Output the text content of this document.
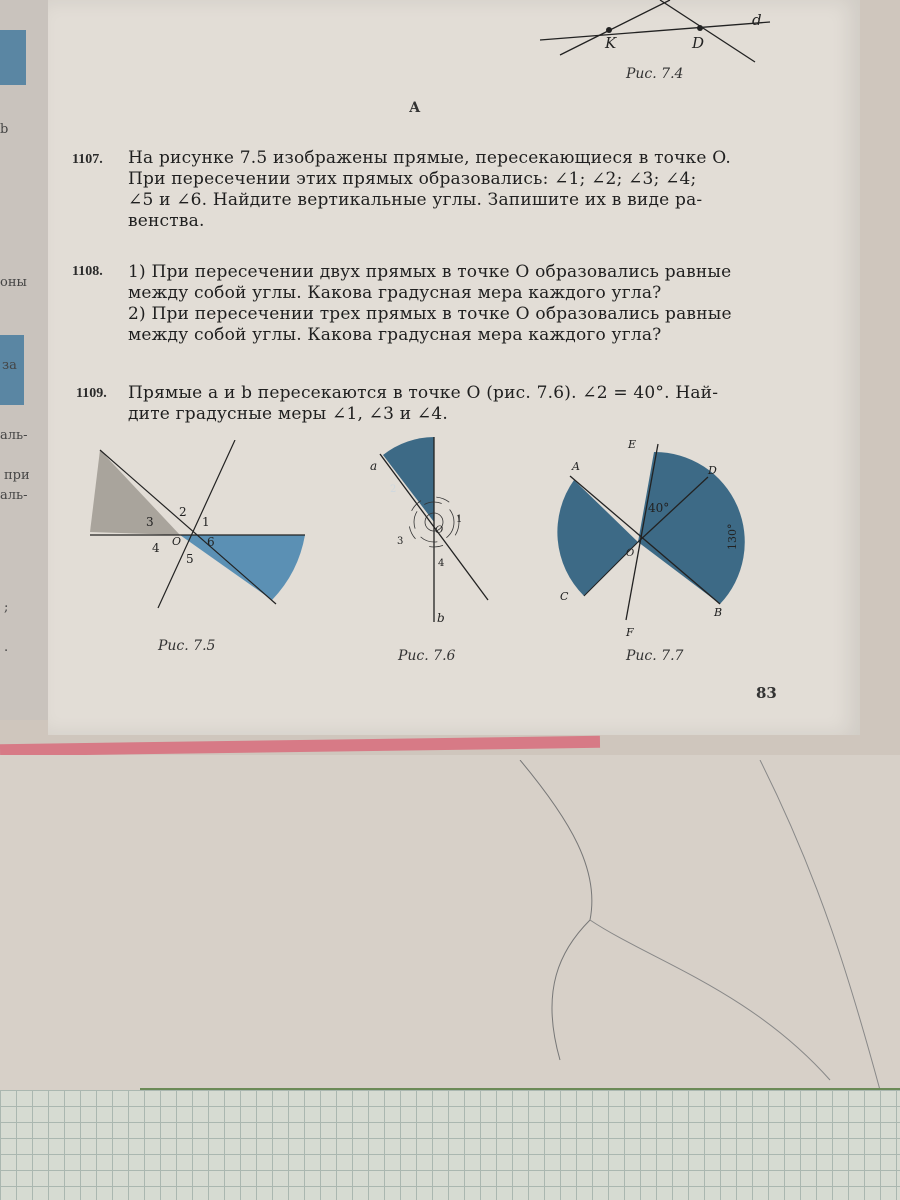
b
оны
за
аль-
при
аль-
;
.
K	D
d
Рис. 7.4
А
1107. На рисунке 7.5 изображены прямые, пересекающиеся в точке O.
При пересечении этих прямых образовались: ∠1; ∠2; ∠3; ∠4;
∠5 и ∠6. Найдите вертикальные углы. Запишите их в виде ра-
венства.
1108. 1) При пересечении двух прямых в точке O образовались равные
между собой углы. Какова градусная мера каждого угла?
2) При пересечении трех прямых в точке O образовались равные
между собой углы. Какова градусная мера каждого угла?
1109. Прямые a и b пересекаются в точке O (рис. 7.6). ∠2 = 40°. Най-
дите градусные меры ∠1, ∠3 и ∠4.
2
1
3
4 O
5
6
Рис. 7.5
a
b
1
2
3
4
O
Рис. 7.6
E
A	D
C
B
F
O
40°
130°
Рис. 7.7
83
